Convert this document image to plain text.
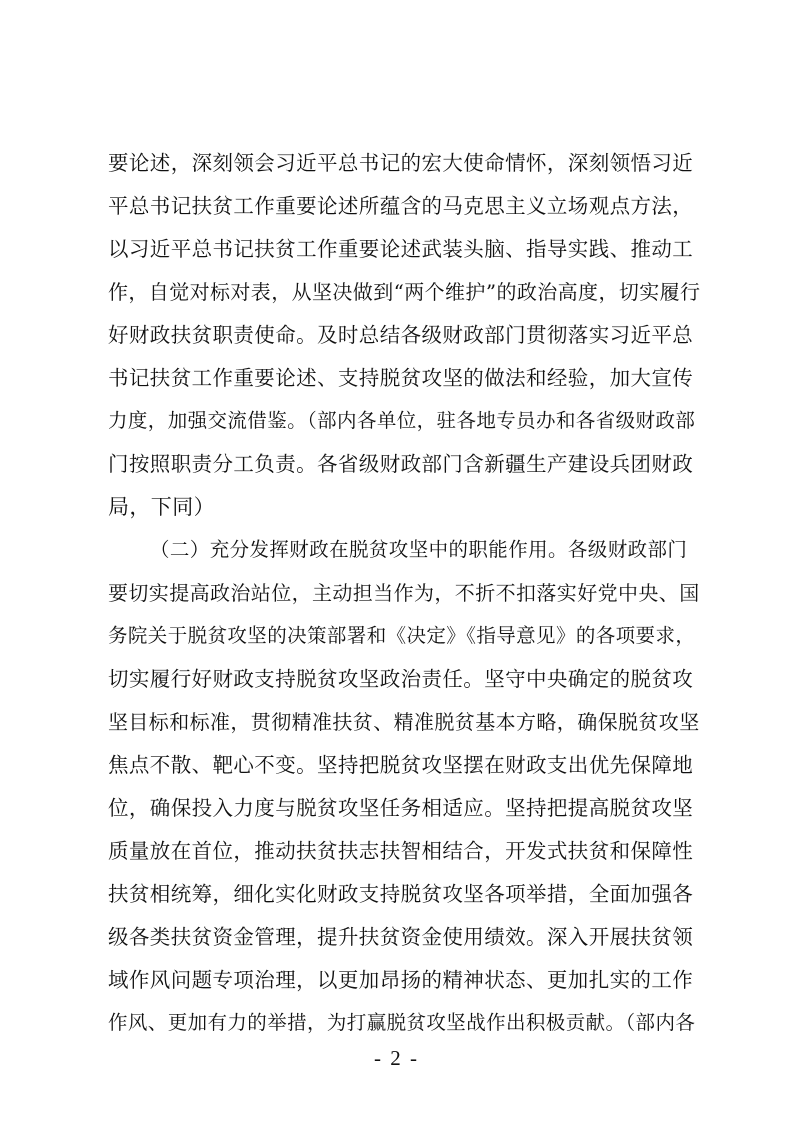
要论述，深刻领会习近平总书记的宏大使命情怀，深刻领悟习近
平总书记扶贫工作重要论述所蕴含的马克思主义立场观点方法，
以习近平总书记扶贫工作重要论述武装头脑、指导实践、推动工
作，自觉对标对表，从坚决做到“两个维护”的政治高度，切实履行
好财政扶贫职责使命。及时总结各级财政部门贯彻落实习近平总
书记扶贫工作重要论述、支持脱贫攻坚的做法和经验，加大宣传
力度，加强交流借鉴。（部内各单位，驻各地专员办和各省级财政部
门按照职责分工负责。各省级财政部门含新疆生产建设兵团财政
局，下同）
（二）充分发挥财政在脱贫攻坚中的职能作用。各级财政部门
要切实提高政治站位，主动担当作为，不折不扣落实好党中央、国
务院关于脱贫攻坚的决策部署和《决定》《指导意见》的各项要求，
切实履行好财政支持脱贫攻坚政治责任。坚守中央确定的脱贫攻
坚目标和标准，贯彻精准扶贫、精准脱贫基本方略，确保脱贫攻坚
焦点不散、靶心不变。坚持把脱贫攻坚摆在财政支出优先保障地
位，确保投入力度与脱贫攻坚任务相适应。坚持把提高脱贫攻坚
质量放在首位，推动扶贫扶志扶智相结合，开发式扶贫和保障性
扶贫相统筹，细化实化财政支持脱贫攻坚各项举措，全面加强各
级各类扶贫资金管理，提升扶贫资金使用绩效。深入开展扶贫领
域作风问题专项治理，以更加昂扬的精神状态、更加扎实的工作
作风、更加有力的举措，为打赢脱贫攻坚战作出积极贡献。（部内各
- 2 -
